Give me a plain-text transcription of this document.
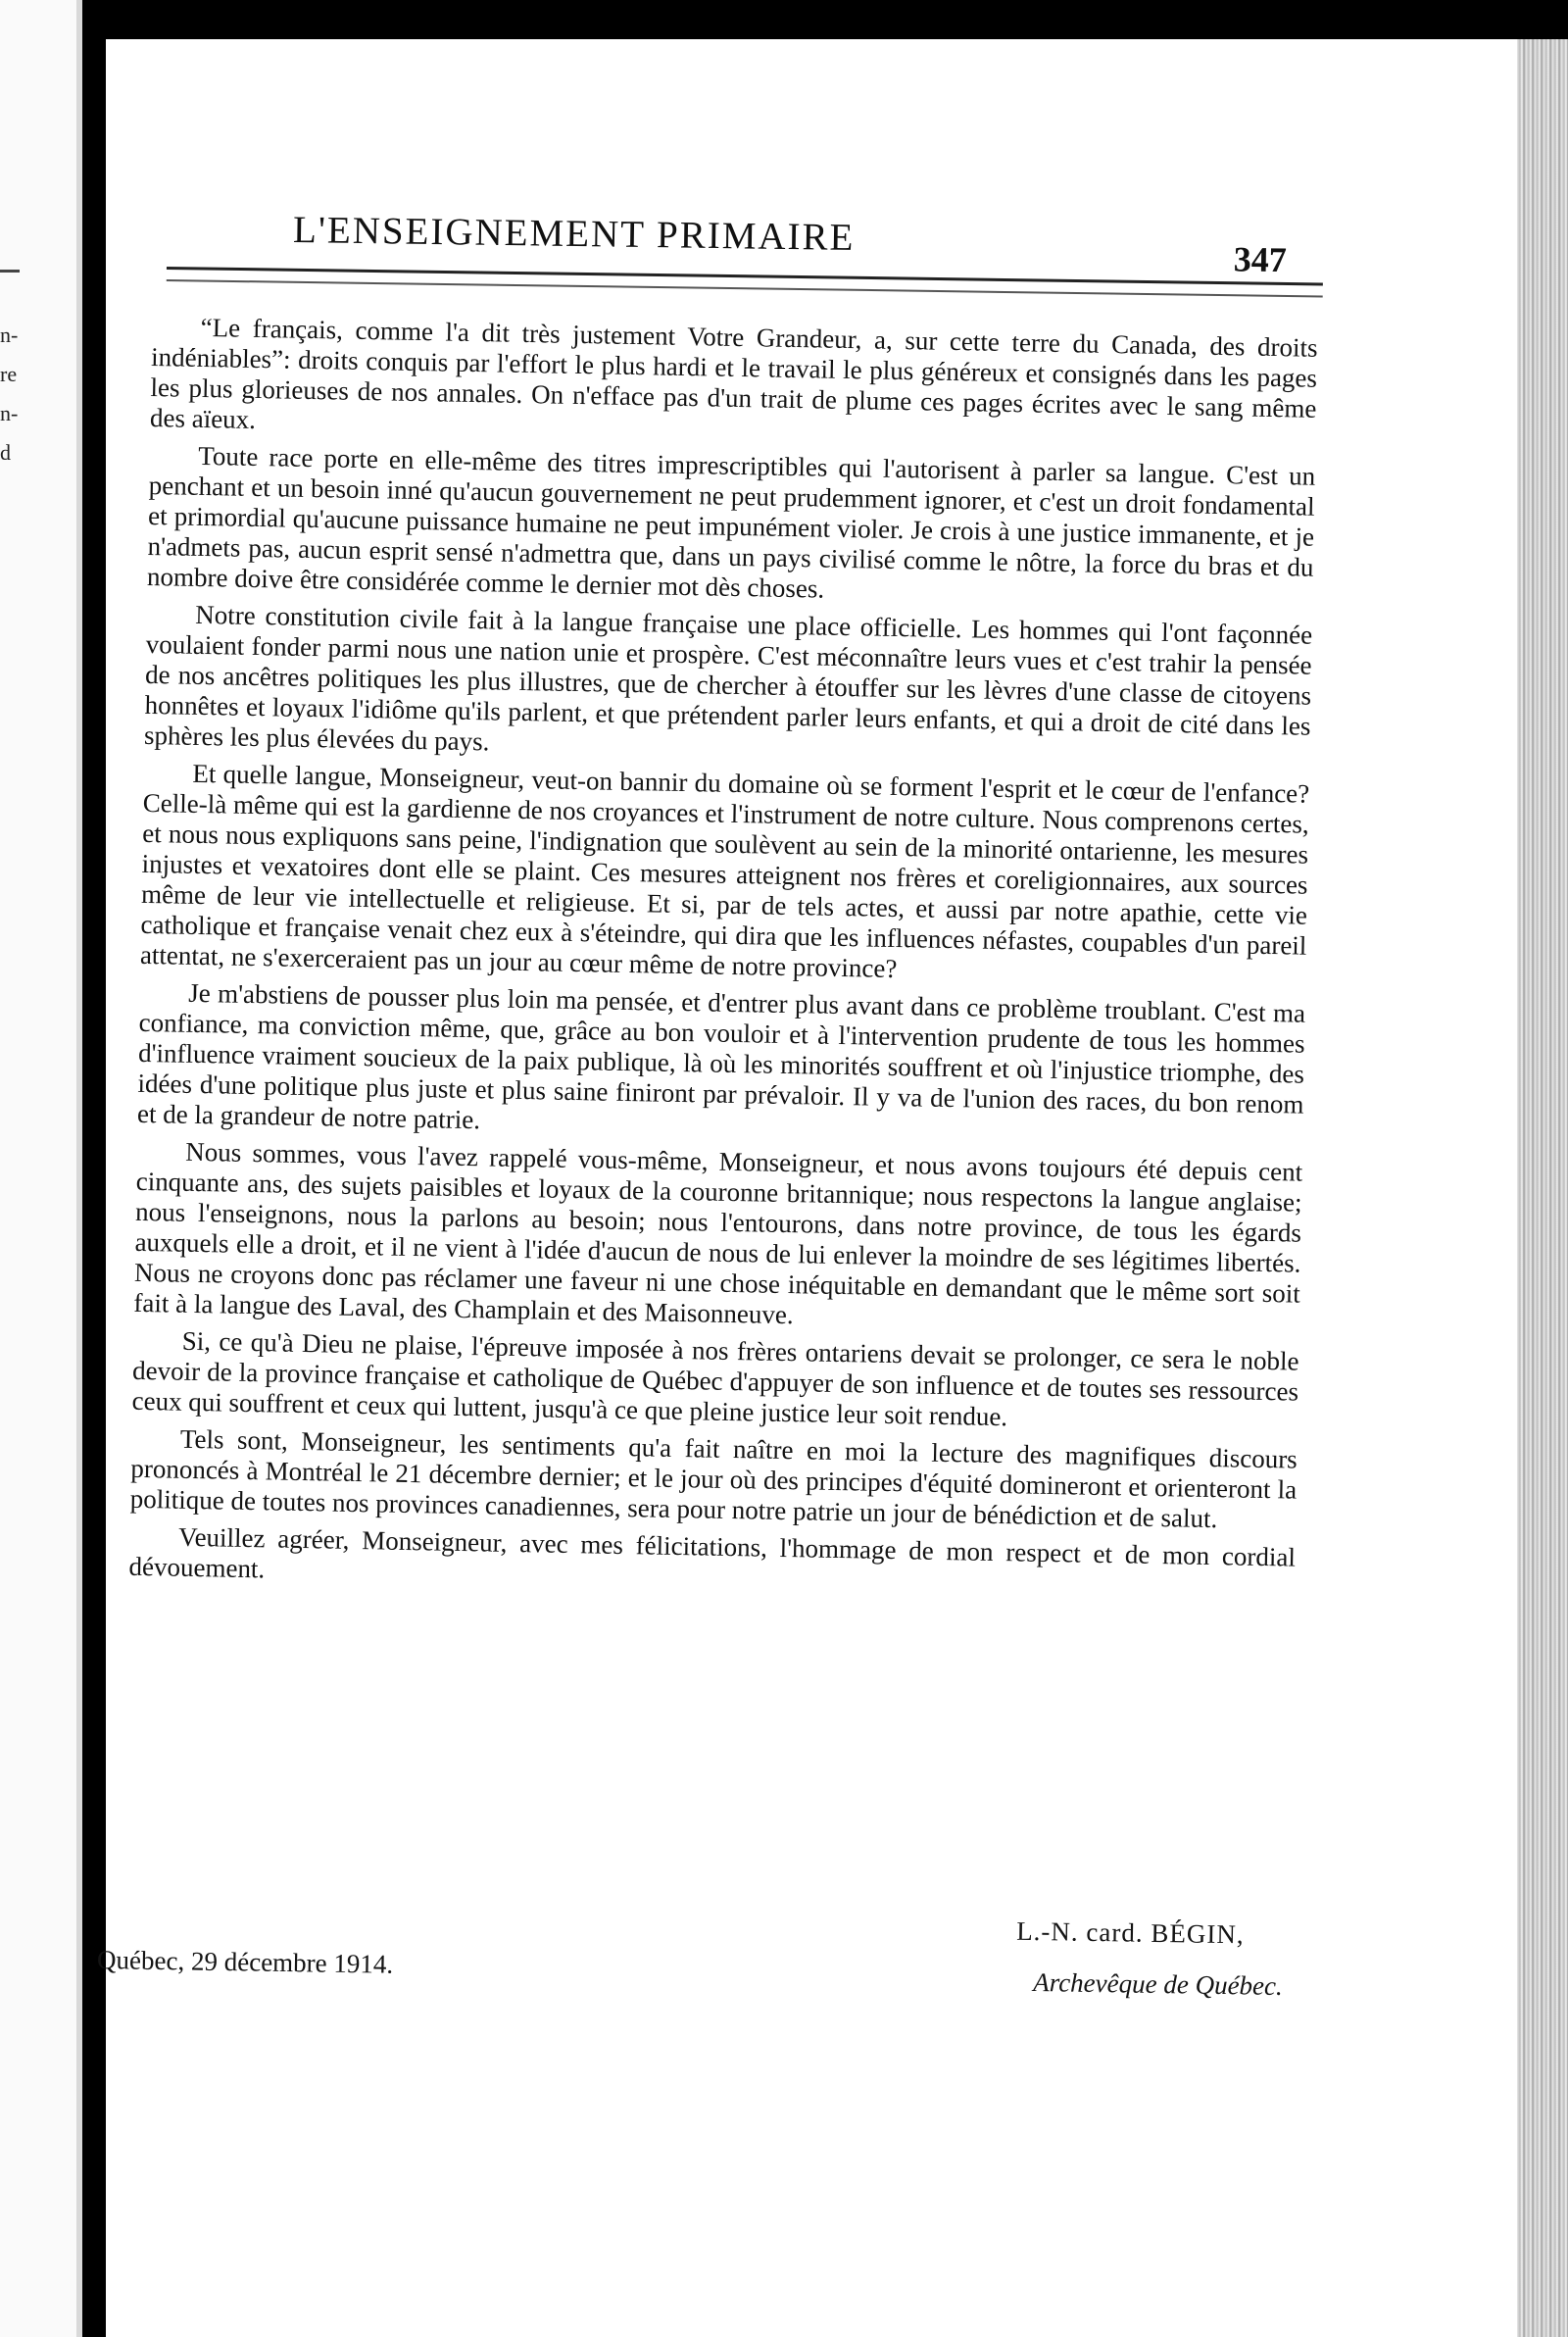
n-
re
n-
d
L'ENSEIGNEMENT PRIMAIRE
347

“Le français, comme l'a dit très justement Votre Grandeur, a, sur cette terre du Canada, des droits indéniables”: droits conquis par l'effort le plus hardi et le travail le plus généreux et consignés dans les pages les plus glorieuses de nos annales. On n'efface pas d'un trait de plume ces pages écrites avec le sang même des aïeux.

Toute race porte en elle-même des titres imprescriptibles qui l'autorisent à parler sa langue. C'est un penchant et un besoin inné qu'aucun gouvernement ne peut prudemment ignorer, et c'est un droit fondamental et primordial qu'aucune puissance humaine ne peut impunément violer. Je crois à une justice immanente, et je n'admets pas, aucun esprit sensé n'admettra que, dans un pays civilisé comme le nôtre, la force du bras et du nombre doive être considérée comme le dernier mot dès choses.

Notre constitution civile fait à la langue française une place officielle. Les hommes qui l'ont façonnée voulaient fonder parmi nous une nation unie et prospère. C'est méconnaître leurs vues et c'est trahir la pensée de nos ancêtres politiques les plus illustres, que de chercher à étouffer sur les lèvres d'une classe de citoyens honnêtes et loyaux l'idiôme qu'ils parlent, et que prétendent parler leurs enfants, et qui a droit de cité dans les sphères les plus élevées du pays.

Et quelle langue, Monseigneur, veut-on bannir du domaine où se forment l'esprit et le cœur de l'enfance? Celle-là même qui est la gardienne de nos croyances et l'instrument de notre culture. Nous comprenons certes, et nous nous expliquons sans peine, l'indignation que soulèvent au sein de la minorité ontarienne, les mesures injustes et vexatoires dont elle se plaint. Ces mesures atteignent nos frères et coreligionnaires, aux sources même de leur vie intellectuelle et religieuse. Et si, par de tels actes, et aussi par notre apathie, cette vie catholique et française venait chez eux à s'éteindre, qui dira que les influences néfastes, coupables d'un pareil attentat, ne s'exerceraient pas un jour au cœur même de notre province?

Je m'abstiens de pousser plus loin ma pensée, et d'entrer plus avant dans ce problème troublant. C'est ma confiance, ma conviction même, que, grâce au bon vouloir et à l'intervention prudente de tous les hommes d'influence vraiment soucieux de la paix publique, là où les minorités souffrent et où l'injustice triomphe, des idées d'une politique plus juste et plus saine finiront par prévaloir. Il y va de l'union des races, du bon renom et de la grandeur de notre patrie.

Nous sommes, vous l'avez rappelé vous-même, Monseigneur, et nous avons toujours été depuis cent cinquante ans, des sujets paisibles et loyaux de la couronne britannique; nous respectons la langue anglaise; nous l'enseignons, nous la parlons au besoin; nous l'entourons, dans notre province, de tous les égards auxquels elle a droit, et il ne vient à l'idée d'aucun de nous de lui enlever la moindre de ses légitimes libertés. Nous ne croyons donc pas réclamer une faveur ni une chose inéquitable en demandant que le même sort soit fait à la langue des Laval, des Champlain et des Maisonneuve.

Si, ce qu'à Dieu ne plaise, l'épreuve imposée à nos frères ontariens devait se prolonger, ce sera le noble devoir de la province française et catholique de Québec d'appuyer de son influence et de toutes ses ressources ceux qui souffrent et ceux qui luttent, jusqu'à ce que pleine justice leur soit rendue.

Tels sont, Monseigneur, les sentiments qu'a fait naître en moi la lecture des magnifiques discours prononcés à Montréal le 21 décembre dernier; et le jour où des principes d'équité domineront et orienteront la politique de toutes nos provinces canadiennes, sera pour notre patrie un jour de bénédiction et de salut.

Veuillez agréer, Monseigneur, avec mes félicitations, l'hommage de mon respect et de mon cordial dévouement.

L.-N. card. BÉGIN,
Québec, 29 décembre 1914.
Archevêque de Québec.
